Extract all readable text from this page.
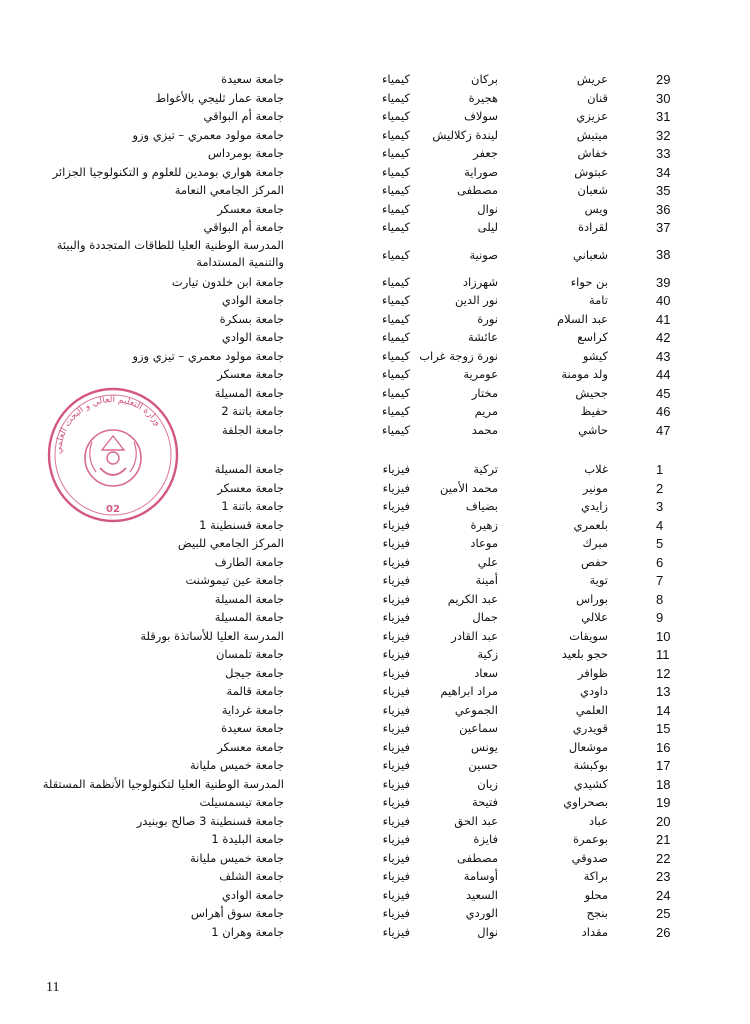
29
عريش
بركان
كيمياء
جامعة سعيدة
30
قنان
هجيرة
كيمياء
جامعة عمار ثليجي بالأغواط
31
عزيزي
سولاف
كيمياء
جامعة أم البواقي
32
ميتيش
ليندة زكلاليش
كيمياء
جامعة مولود معمري – تيزي وزو
33
خفاش
جعفر
كيمياء
جامعة بومرداس
34
عبتوش
صوراية
كيمياء
جامعة هواري بومدين للعلوم و التكنولوجيا الجزائر
35
شعبان
مصطفى
كيمياء
المركز الجامعي النعامة
36
ويس
نوال
كيمياء
جامعة معسكر
37
لقرادة
ليلى
كيمياء
جامعة أم البواقي
38
شعباني
صونية
كيمياء
المدرسة الوطنية العليا للطاقات المتجددة والبيئة والتنمية المستدامة
39
بن حواء
شهرزاد
كيمياء
جامعة ابن خلدون تيارت
40
تامة
نور الدين
كيمياء
جامعة الوادي
41
عبد السلام
نورة
كيمياء
جامعة بسكرة
42
كراسع
عائشة
كيمياء
جامعة الوادي
43
كيشو
نورة زوجة غراب
كيمياء
جامعة مولود معمري – تيزي وزو
44
ولد مومنة
عومرية
كيمياء
جامعة معسكر
45
جحيش
مختار
كيمياء
جامعة المسيلة
46
حفيظ
مريم
كيمياء
جامعة باتنة 2
47
حاشي
محمد
كيمياء
جامعة الجلفة
1
غلاب
تركية
فيزياء
جامعة المسيلة
2
مونير
محمد الأمين
فيزياء
جامعة معسكر
3
زايدي
بضياف
فيزياء
جامعة باتنة 1
4
بلعمري
زهيرة
فيزياء
جامعة قسنطينة 1
5
مبرك
موعاد
فيزياء
المركز الجامعي للبيض
6
حفص
علي
فيزياء
جامعة الطارف
7
توية
أمينة
فيزياء
جامعة عين تيموشنت
8
بوراس
عبد الكريم
فيزياء
جامعة المسيلة
9
علالي
جمال
فيزياء
جامعة المسيلة
10
سويقات
عبد القادر
فيزياء
المدرسة العليا للأساتذة بورقلة
11
حجو بلعيد
زكية
فيزياء
جامعة تلمسان
12
ظوافر
سعاد
فيزياء
جامعة جيجل
13
داودي
مراد ابراهيم
فيزياء
جامعة قالمة
14
العلمي
الجموعي
فيزياء
جامعة غرداية
15
قويدري
سماعين
فيزياء
جامعة سعيدة
16
موشعال
يونس
فيزياء
جامعة معسكر
17
بوكبشة
حسين
فيزياء
جامعة خميس مليانة
18
كشيدي
زيان
فيزياء
المدرسة الوطنية العليا لتكنولوجيا الأنظمة المستقلة
19
بصحراوي
فتيحة
فيزياء
جامعة تيسمسيلت
20
عباد
عبد الحق
فيزياء
جامعة قسنطينة 3 صالح بوبنيدر
21
بوعمرة
فايزة
فيزياء
جامعة البليدة 1
22
صدوقي
مصطفى
فيزياء
جامعة خميس مليانة
23
براكة
أوسامة
فيزياء
جامعة الشلف
24
محلو
السعيد
فيزياء
جامعة الوادي
25
بنجح
الوردي
فيزياء
جامعة سوق أهراس
26
مقداد
نوال
فيزياء
جامعة وهران 1
وزارة التعليم العالي و البحث العلمي
02
11
